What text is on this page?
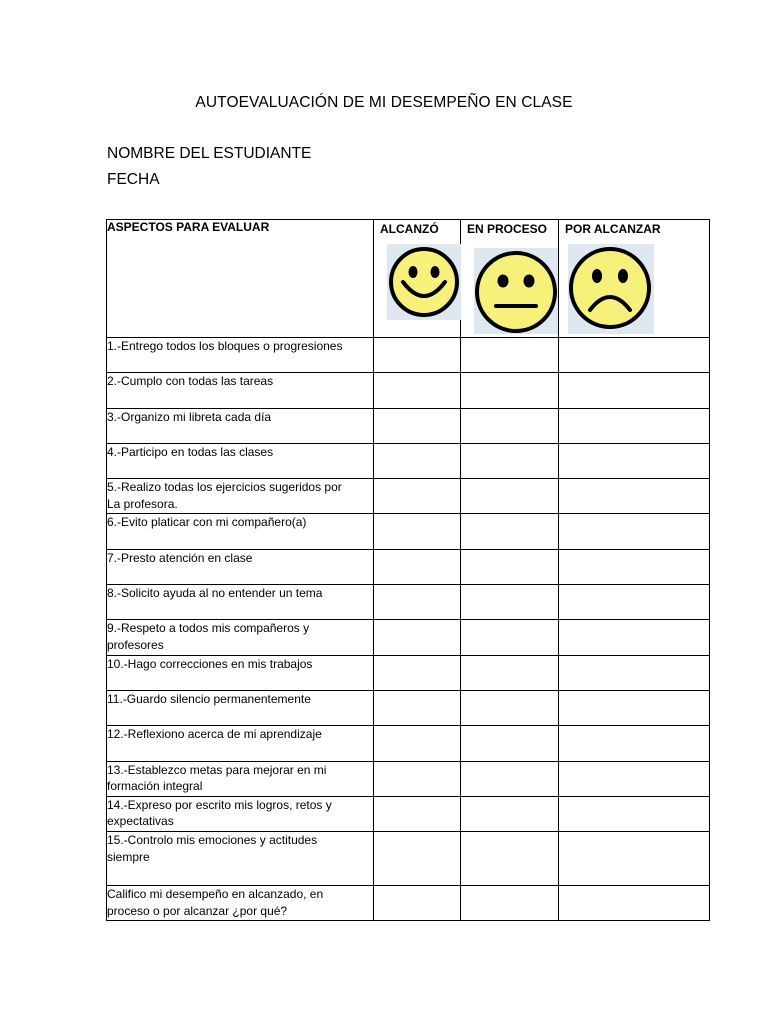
AUTOEVALUACIÓN DE MI DESEMPEÑO EN CLASE
NOMBRE DEL ESTUDIANTE
FECHA
ASPECTOS PARA EVALUAR	ALCANZÓ	EN PROCESO	POR ALCANZAR

1.-Entrego todos los bloques o progresiones

2.-Cumplo con todas las tareas

3.-Organizo mi libreta cada día

4.-Participo en todas las clases

5.-Realizo todas los ejercicios sugeridos por
La profesora.			
6.-Evito platicar con mi compañero(a)

7.-Presto atención en clase

8.-Solicito ayuda al no entender un tema

9.-Respeto a todos mis compañeros y
profesores			
10.-Hago correcciones en mis trabajos

11.-Guardo silencio permanentemente

12.-Reflexiono acerca de mi aprendizaje

13.-Establezco metas para mejorar en mi
formación integral			
14.-Expreso por escrito mis logros, retos y
expectativas			
15.-Controlo mis emociones y actitudes
siempre			
Califico mi desempeño en alcanzado, en
proceso o por alcanzar ¿por qué?			
